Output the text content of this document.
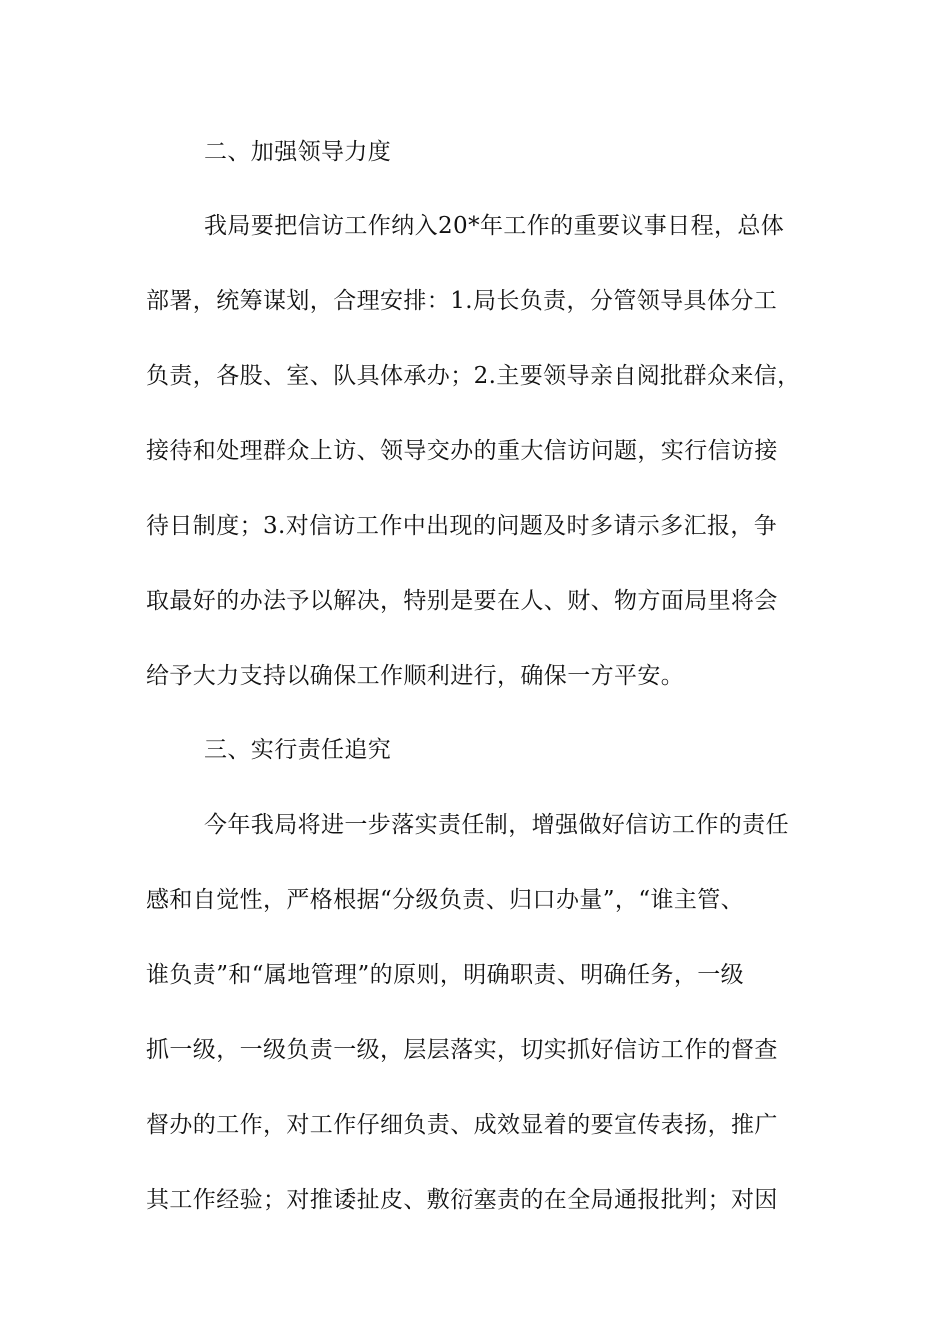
二、加强领导力度
我局要把信访工作纳入20*年工作的重要议事日程，总体
部署，统筹谋划，合理安排：1.局长负责，分管领导具体分工
负责，各股、室、队具体承办；2.主要领导亲自阅批群众来信，
接待和处理群众上访、领导交办的重大信访问题，实行信访接
待日制度；3.对信访工作中出现的问题及时多请示多汇报，争
取最好的办法予以解决，特别是要在人、财、物方面局里将会
给予大力支持以确保工作顺利进行，确保一方平安。
三、实行责任追究
今年我局将进一步落实责任制，增强做好信访工作的责任
感和自觉性，严格根据“分级负责、归口办量”，“谁主管、
谁负责”和“属地管理”的原则，明确职责、明确任务，一级
抓一级，一级负责一级，层层落实，切实抓好信访工作的督查
督办的工作，对工作仔细负责、成效显着的要宣传表扬，推广
其工作经验；对推诿扯皮、敷衍塞责的在全局通报批判；对因
